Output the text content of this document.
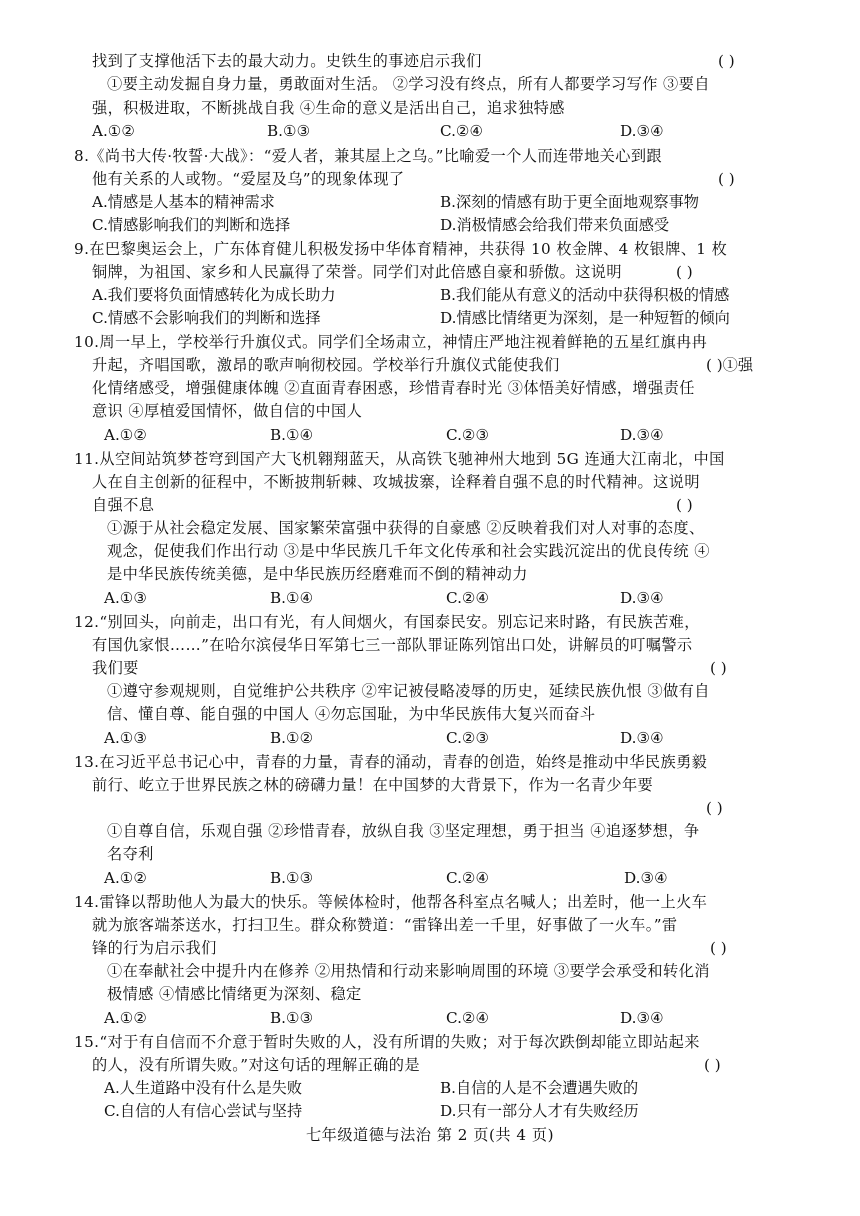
找到了支撑他活下去的最大动力。史铁生的事迹启示我们	( )
①要主动发掘自身力量，勇敢面对生活。 ②学习没有终点，所有人都要学习写作 ③要自
强，积极进取，不断挑战自我 ④生命的意义是活出自己，追求独特感
A.①②	B.①③	C.②④	D.③④
8.《尚书大传·牧誓·大战》：“爱人者，兼其屋上之乌。”比喻爱一个人而连带地关心到跟
他有关系的人或物。“爱屋及乌”的现象体现了	( )
A.情感是人基本的精神需求	B.深刻的情感有助于更全面地观察事物
C.情感影响我们的判断和选择	D.消极情感会给我们带来负面感受
9.在巴黎奥运会上，广东体育健儿积极发扬中华体育精神，共获得 10 枚金牌、4 枚银牌、1 枚
铜牌，为祖国、家乡和人民赢得了荣誉。同学们对此倍感自豪和骄傲。这说明	( )
A.我们要将负面情感转化为成长助力	B.我们能从有意义的活动中获得积极的情感
C.情感不会影响我们的判断和选择	D.情感比情绪更为深刻，是一种短暂的倾向
10.周一早上，学校举行升旗仪式。同学们全场肃立，神情庄严地注视着鲜艳的五星红旗冉冉
升起，齐唱国歌，激昂的歌声响彻校园。学校举行升旗仪式能使我们	( )①强
化情绪感受，增强健康体魄 ②直面青春困惑，珍惜青春时光 ③体悟美好情感，增强责任
意识 ④厚植爱国情怀，做自信的中国人
A.①②	B.①④	C.②③	D.③④
11.从空间站筑梦苍穹到国产大飞机翱翔蓝天，从高铁飞驰神州大地到 5G 连通大江南北，中国
人在自主创新的征程中，不断披荆斩棘、攻城拔寨，诠释着自强不息的时代精神。这说明
自强不息	( )
①源于从社会稳定发展、国家繁荣富强中获得的自豪感 ②反映着我们对人对事的态度、
观念，促使我们作出行动 ③是中华民族几千年文化传承和社会实践沉淀出的优良传统 ④
是中华民族传统美德，是中华民族历经磨难而不倒的精神动力
A.①③	B.①④	C.②④	D.③④
12.“别回头，向前走，出口有光，有人间烟火，有国泰民安。别忘记来时路，有民族苦难，
有国仇家恨……”在哈尔滨侵华日军第七三一部队罪证陈列馆出口处，讲解员的叮嘱警示
我们要	( )
①遵守参观规则，自觉维护公共秩序 ②牢记被侵略凌辱的历史，延续民族仇恨 ③做有自
信、懂自尊、能自强的中国人 ④勿忘国耻，为中华民族伟大复兴而奋斗
A.①③	B.①②	C.②③	D.③④
13.在习近平总书记心中，青春的力量，青春的涌动，青春的创造，始终是推动中华民族勇毅
前行、屹立于世界民族之林的磅礴力量！在中国梦的大背景下，作为一名青少年要
( )
①自尊自信，乐观自强 ②珍惜青春，放纵自我 ③坚定理想，勇于担当 ④追逐梦想，争
名夺利
A.①②	B.①③	C.②④	D.③④
14.雷锋以帮助他人为最大的快乐。等候体检时，他帮各科室点名喊人；出差时，他一上火车
就为旅客端茶送水，打扫卫生。群众称赞道：“雷锋出差一千里，好事做了一火车。”雷
锋的行为启示我们	( )
①在奉献社会中提升内在修养 ②用热情和行动来影响周围的环境 ③要学会承受和转化消
极情感 ④情感比情绪更为深刻、稳定
A.①②	B.①③	C.②④	D.③④
15.“对于有自信而不介意于暂时失败的人，没有所谓的失败；对于每次跌倒却能立即站起来
的人，没有所谓失败。”对这句话的理解正确的是	( )
A.人生道路中没有什么是失败	B.自信的人是不会遭遇失败的
C.自信的人有信心尝试与坚持	D.只有一部分人才有失败经历
七年级道德与法治 第 2 页(共 4 页)
